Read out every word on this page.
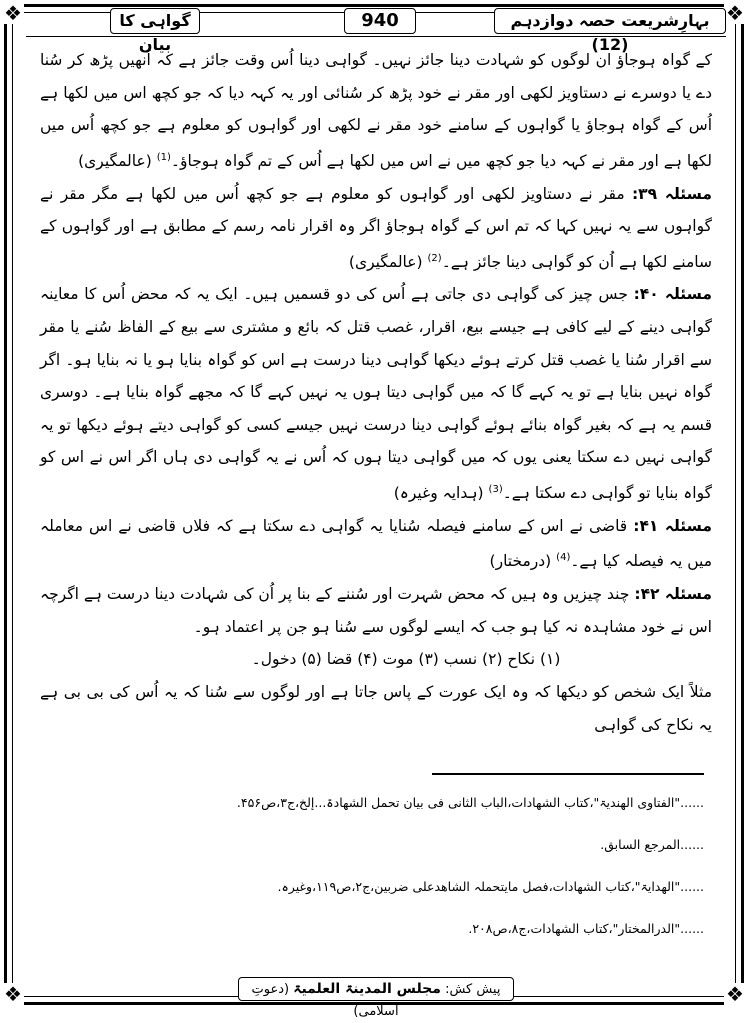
❖	❖
❖	❖
بہارِشریعت حصہ دوازدہم (12)
940
گواہی کا بیان

کے گواہ ہوجاؤ ان لوگوں کو شہادت دینا جائز نہیں۔ گواہی دینا اُس وقت جائز ہے کہ اُنھیں پڑھ کر سُنا دے یا دوسرے نے دستاویز لکھی اور مقر نے خود پڑھ کر سُنائی اور یہ کہہ دیا کہ جو کچھ اس میں لکھا ہے اُس کے گواہ ہوجاؤ یا گواہوں کے سامنے خود مقر نے لکھی اور گواہوں کو معلوم ہے جو کچھ اُس میں لکھا ہے اور مقر نے کہہ دیا جو کچھ میں نے اس میں لکھا ہے اُس کے تم گواہ ہوجاؤ۔$^{(1)}$ (عالمگیری)

مسئلہ ۳۹: مقر نے دستاویز لکھی اور گواہوں کو معلوم ہے جو کچھ اُس میں لکھا ہے مگر مقر نے گواہوں سے یہ نہیں کہا کہ تم اس کے گواہ ہوجاؤ اگر وہ اقرار نامہ رسم کے مطابق ہے اور گواہوں کے سامنے لکھا ہے اُن کو گواہی دینا جائز ہے۔$^{(2)}$ (عالمگیری)

مسئلہ ۴۰: جس چیز کی گواہی دی جاتی ہے اُس کی دو قسمیں ہیں۔ ایک یہ کہ محض اُس کا معاینہ گواہی دینے کے لیے کافی ہے جیسے بیع، اقرار، غصب قتل کہ بائع و مشتری سے بیع کے الفاظ سُنے یا مقر سے اقرار سُنا یا غصب قتل کرتے ہوئے دیکھا گواہی دینا درست ہے اس کو گواہ بنایا ہو یا نہ بنایا ہو۔ اگر گواہ نہیں بنایا ہے تو یہ کہے گا کہ میں گواہی دیتا ہوں یہ نہیں کہے گا کہ مجھے گواہ بنایا ہے۔ دوسری قسم یہ ہے کہ بغیر گواہ بنائے ہوئے گواہی دینا درست نہیں جیسے کسی کو گواہی دیتے ہوئے دیکھا تو یہ گواہی نہیں دے سکتا یعنی یوں کہ میں گواہی دیتا ہوں کہ اُس نے یہ گواہی دی ہاں اگر اس نے اس کو گواہ بنایا تو گواہی دے سکتا ہے۔$^{(3)}$ (ہدایہ وغیرہ)

مسئلہ ۴۱: قاضی نے اس کے سامنے فیصلہ سُنایا یہ گواہی دے سکتا ہے کہ فلاں قاضی نے اس معاملہ میں یہ فیصلہ کیا ہے۔$^{(4)}$ (درمختار)

مسئلہ ۴۲: چند چیزیں وہ ہیں کہ محض شہرت اور سُننے کے بنا پر اُن کی شہادت دینا درست ہے اگرچہ اس نے خود مشاہدہ نہ کیا ہو جب کہ ایسے لوگوں سے سُنا ہو جن پر اعتماد ہو۔

(۱) نکاح (۲) نسب (۳) موت (۴) قضا (۵) دخول۔

مثلاً ایک شخص کو دیکھا کہ وہ ایک عورت کے پاس جاتا ہے اور لوگوں سے سُنا کہ یہ اُس کی بی بی ہے یہ نکاح کی گواہی

......"الفتاوی الھندیۃ"،کتاب الشھادات،الباب الثانی فی بیان تحمل الشھادۃ...إلخ،ج۳،ص۴۵۶.
......المرجع السابق.
......"الھدایۃ"،کتاب الشھادات،فصل مایتحملہ الشاھدعلی ضربین،ج۲،ص۱۱۹،وغیرہ.
......"الدرالمختار"،کتاب الشھادات،ج۸،ص۲۰۸.
پیش کش: مجلس المدینۃ العلمیۃ (دعوتِ اسلامی)
